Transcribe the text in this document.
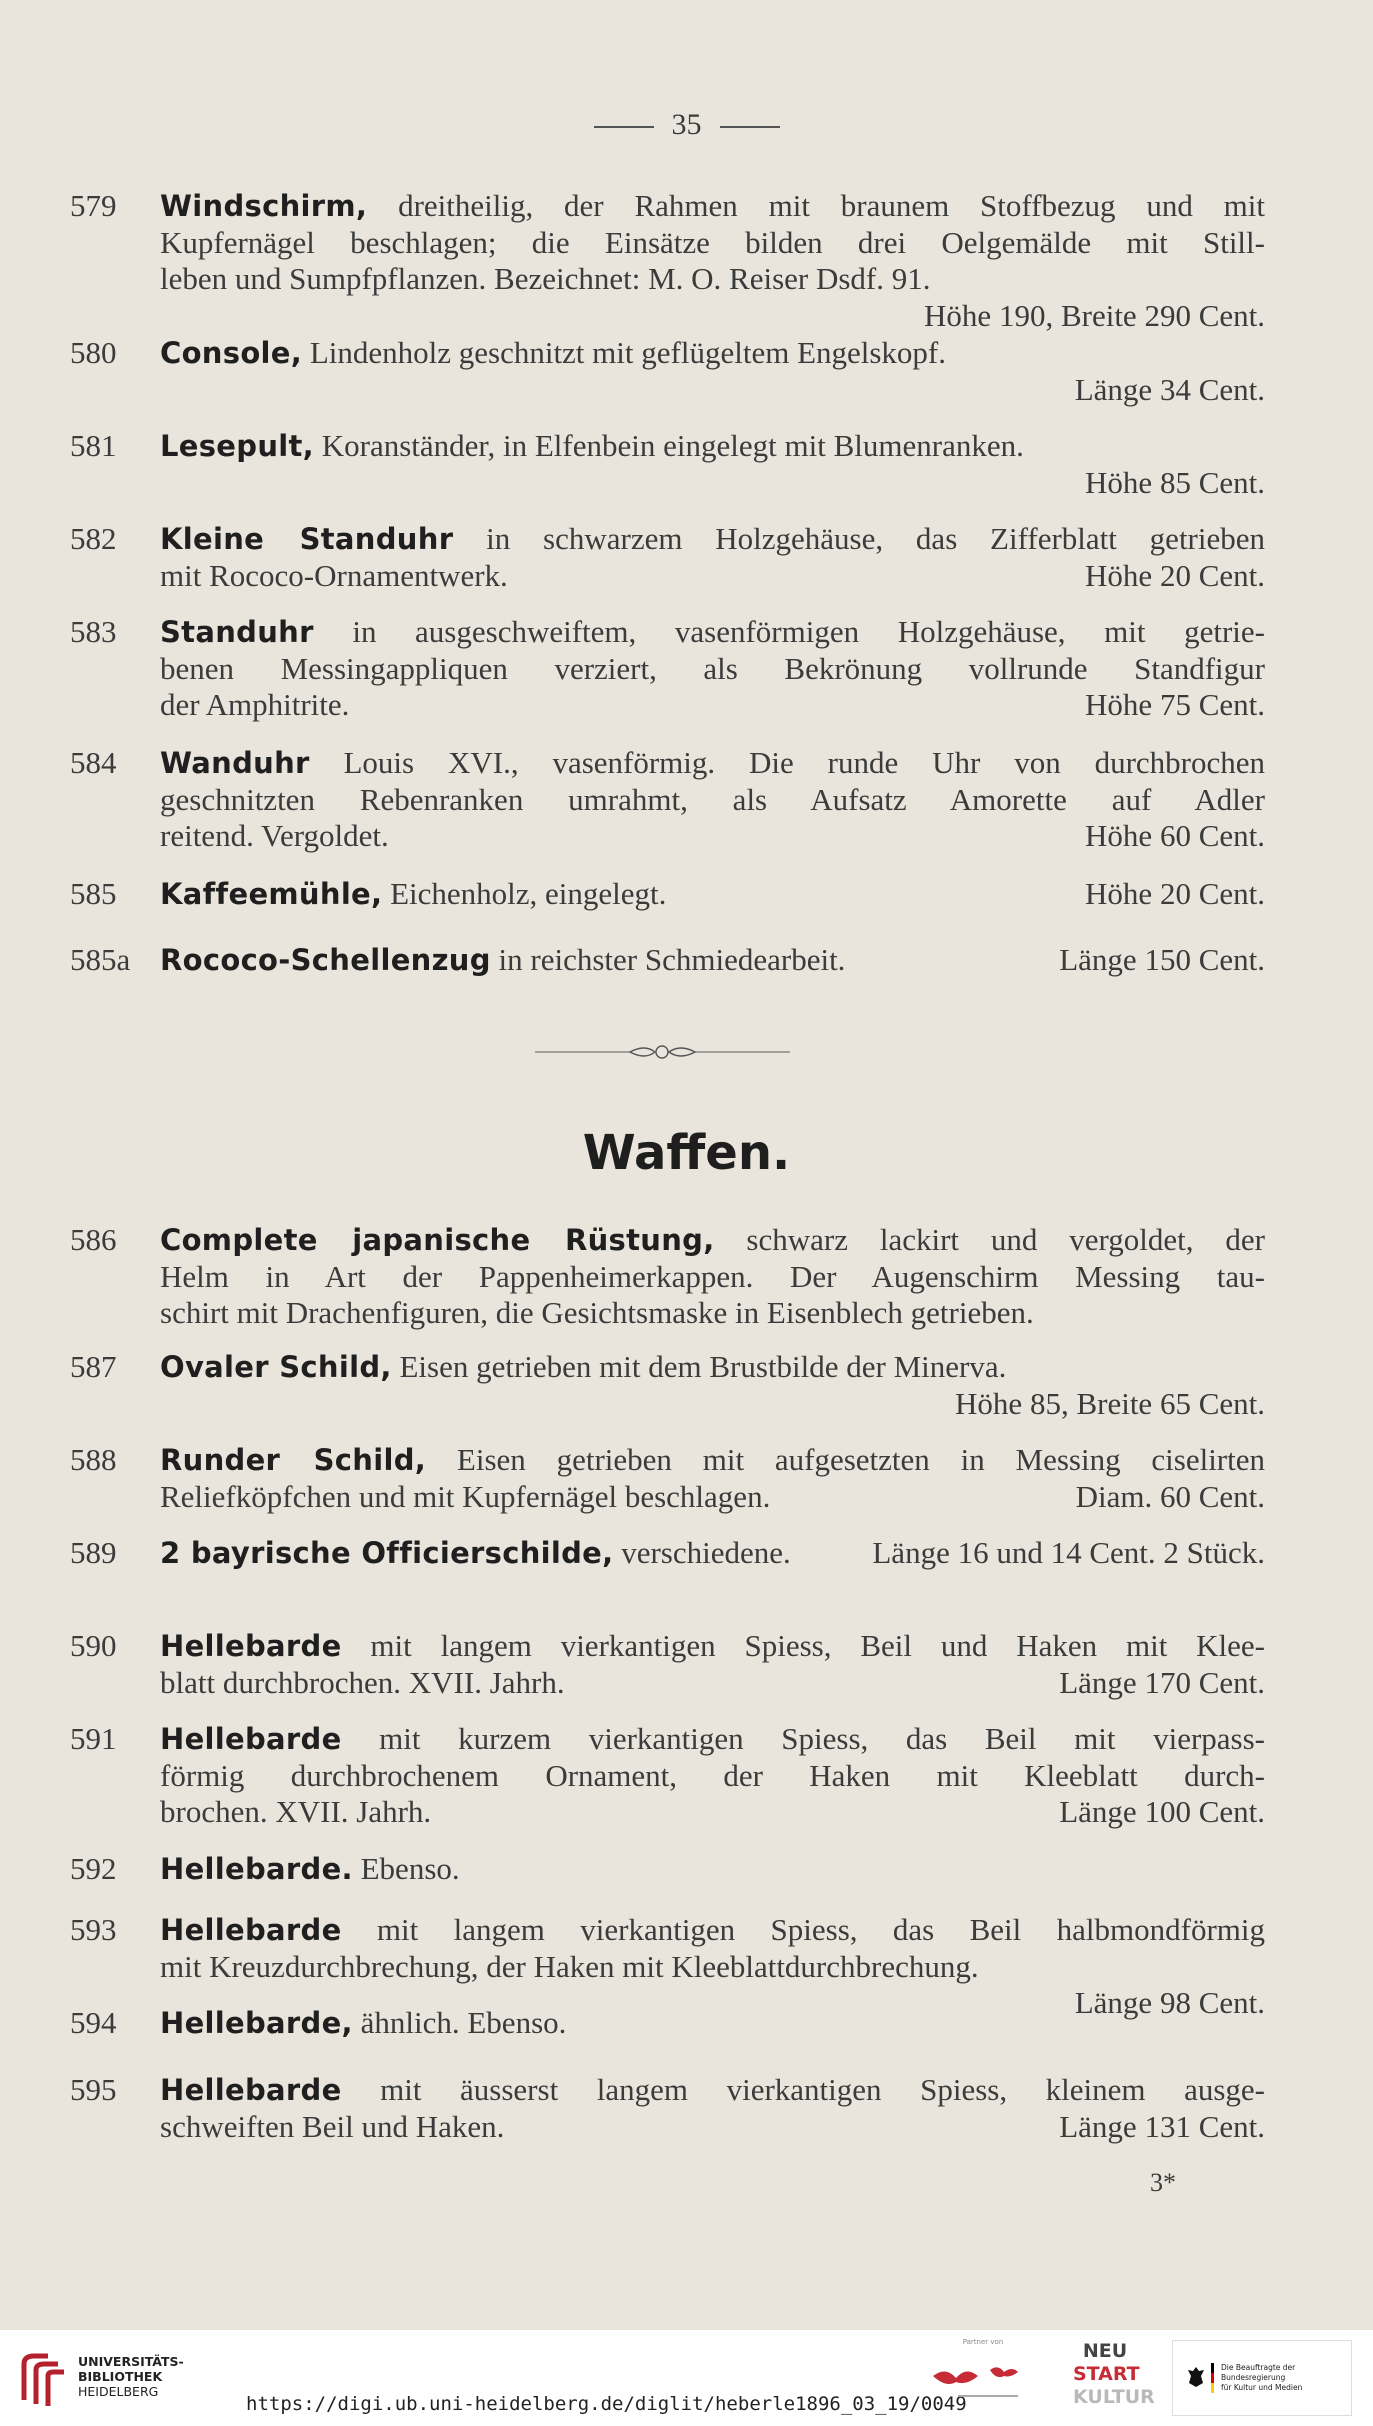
35
579	Windschirm, dreitheilig, der Rahmen mit braunem Stoffbezug und mit
Kupfernägel beschlagen; die Einsätze bilden drei Oelgemälde mit Still-
leben und Sumpfpflanzen. Bezeichnet: M. O. Reiser Dsdf. 91.
Höhe 190, Breite 290 Cent.
580	Console, Lindenholz geschnitzt mit geflügeltem Engelskopf.
Länge 34 Cent.
581	Lesepult, Koranständer, in Elfenbein eingelegt mit Blumenranken.
Höhe 85 Cent.
582	Kleine Standuhr in schwarzem Holzgehäuse, das Zifferblatt getrieben
mit Rococo-Ornamentwerk.	Höhe 20 Cent.
583	Standuhr in ausgeschweiftem, vasenförmigen Holzgehäuse, mit getrie-
benen Messingappliquen verziert, als Bekrönung vollrunde Standfigur
der Amphitrite.	Höhe 75 Cent.
584	Wanduhr Louis XVI., vasenförmig. Die runde Uhr von durchbrochen
geschnitzten Rebenranken umrahmt, als Aufsatz Amorette auf Adler
reitend. Vergoldet.	Höhe 60 Cent.
585	Kaffeemühle, Eichenholz, eingelegt.	Höhe 20 Cent.
585a	Rococo-Schellenzug in reichster Schmiedearbeit.	Länge 150 Cent.
Waffen.
586	Complete japanische Rüstung, schwarz lackirt und vergoldet, der
Helm in Art der Pappenheimerkappen. Der Augenschirm Messing tau-
schirt mit Drachenfiguren, die Gesichtsmaske in Eisenblech getrieben.
587	Ovaler Schild, Eisen getrieben mit dem Brustbilde der Minerva.
Höhe 85, Breite 65 Cent.
588	Runder Schild, Eisen getrieben mit aufgesetzten in Messing ciselirten
Reliefköpfchen und mit Kupfernägel beschlagen.	Diam. 60 Cent.
589	2 bayrische Officierschilde, verschiedene.	Länge 16 und 14 Cent. 2 Stück.
590	Hellebarde mit langem vierkantigen Spiess, Beil und Haken mit Klee-
blatt durchbrochen. XVII. Jahrh.	Länge 170 Cent.
591	Hellebarde mit kurzem vierkantigen Spiess, das Beil mit vierpass-
förmig durchbrochenem Ornament, der Haken mit Kleeblatt durch-
brochen. XVII. Jahrh.	Länge 100 Cent.
592	Hellebarde. Ebenso.
593	Hellebarde mit langem vierkantigen Spiess, das Beil halbmondförmig
mit Kreuzdurchbrechung, der Haken mit Kleeblattdurchbrechung.
Länge 98 Cent.
594	Hellebarde, ähnlich. Ebenso.
595	Hellebarde mit äusserst langem vierkantigen Spiess, kleinem ausge-
schweiften Beil und Haken.	Länge 131 Cent.
3*
UNIVERSITÄTS-
BIBLIOTHEK
HEIDELBERG
https://digi.ub.uni-heidelberg.de/diglit/heberle1896_03_19/0049
Partner von	NEU
START
KULTUR
Die Beauftragte der Bundesregierung
für Kultur und Medien
